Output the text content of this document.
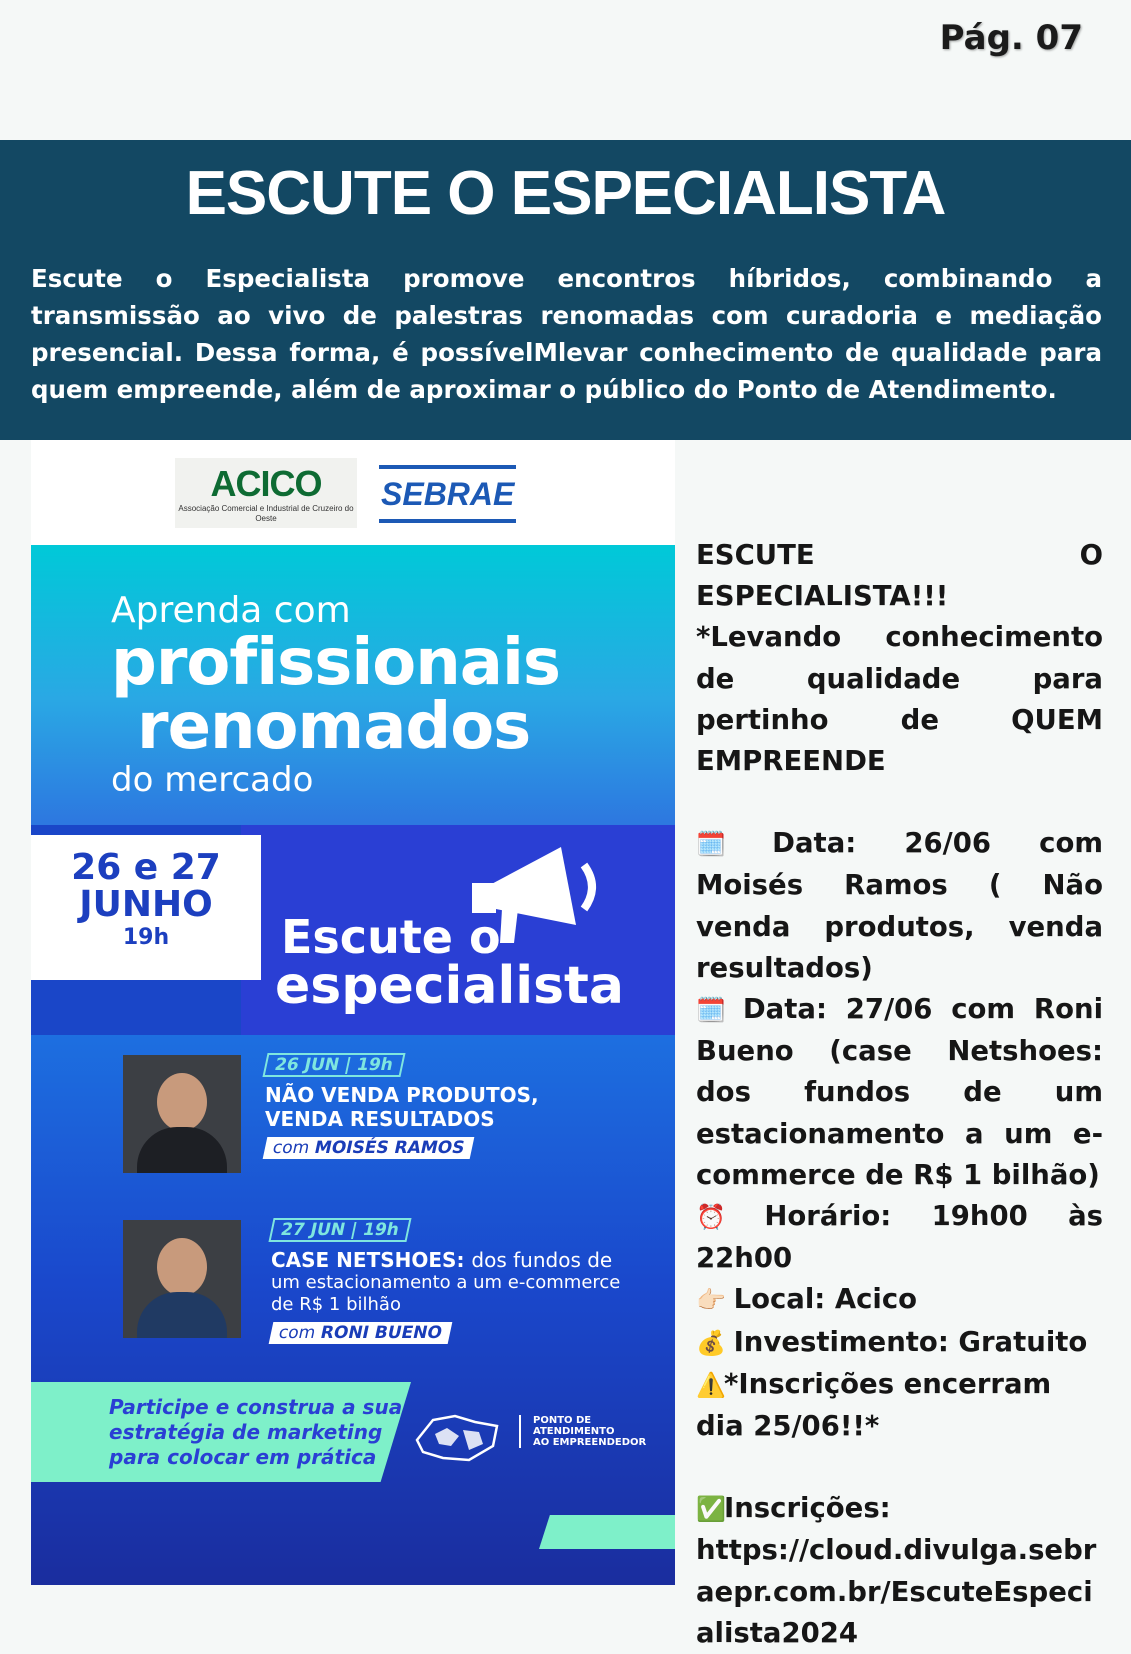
Pág. 07
ESCUTE O ESPECIALISTA

Escute o Especialista promove encontros híbridos, combinando a transmissão ao vivo de palestras renomadas com curadoria e mediação presencial. Dessa forma, é possívelMlevar conhecimento de qualidade para quem empreende, além de aproximar o público do Ponto de Atendimento.

ACICO
Associação Comercial e Industrial de Cruzeiro do Oeste
SEBRAE
Aprenda com
profissionais
renomados
do mercado
26 e 27
JUNHO
19h	Escute o
especialista
26 JUN | 19h
NÃO VENDA PRODUTOS,
VENDA RESULTADOS
com MOISÉS RAMOS
27 JUN | 19h
CASE NETSHOES: dos fundos de
um estacionamento a um e-commerce
de R$ 1 bilhão
com RONI BUENO
Participe e construa a sua
estratégia de marketing
para colocar em prática
PONTO DE
ATENDIMENTO
AO EMPREENDEDOR

ESCUTE O ESPECIALISTA!!! *Levando conhecimento de qualidade para pertinho de QUEM EMPREENDE

🗓️ Data: 26/06 com Moisés Ramos ( Não venda produtos, venda resultados)

🗓️ Data: 27/06 com Roni Bueno (case Netshoes: dos fundos de um estacionamento a um e-commerce de R$ 1 bilhão)

⏰ Horário: 19h00 às 22h00

👉🏻 Local: Acico

💰 Investimento: Gratuito

⚠️*Inscrições encerram dia 25/06!!*

✅Inscrições:

https://cloud.divulga.sebraepr.com.br/EscuteEspecialista2024
